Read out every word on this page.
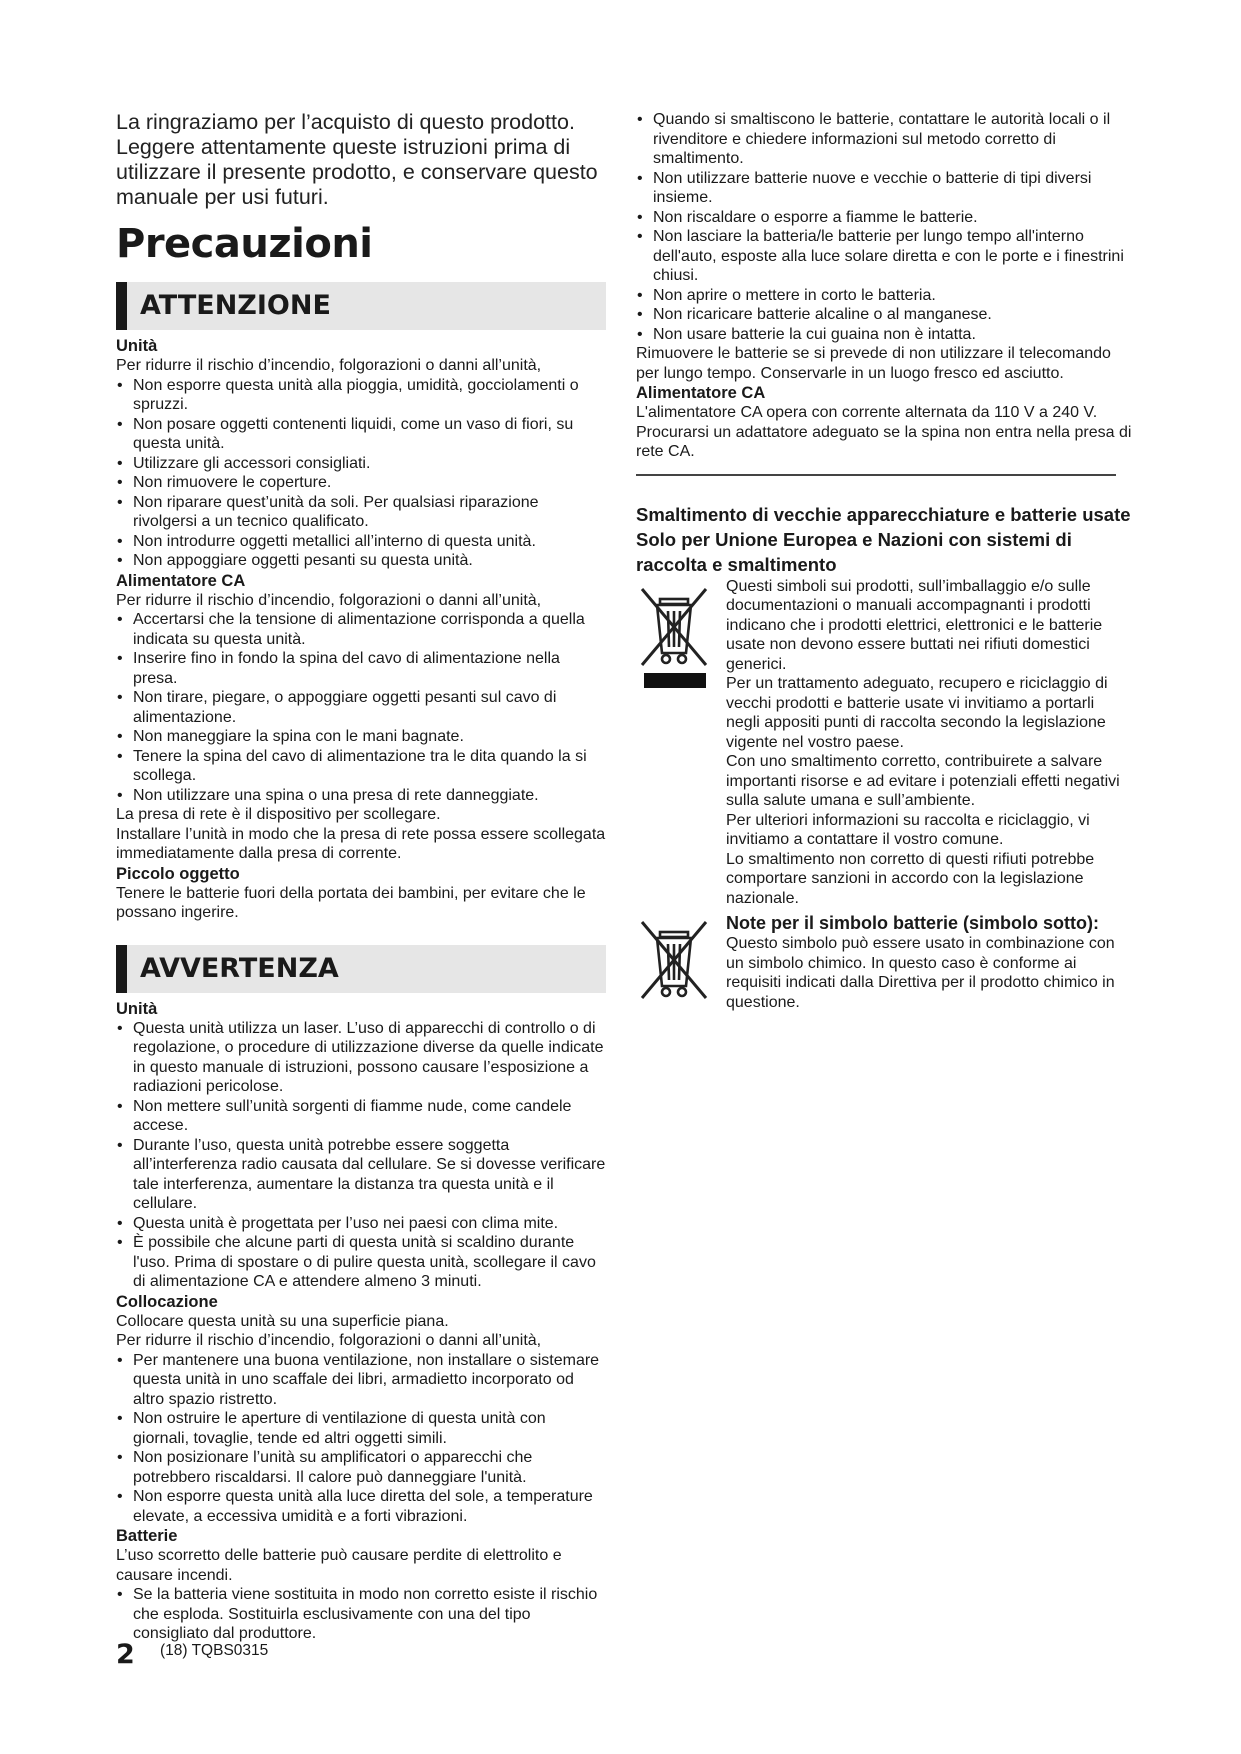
La ringraziamo per l’acquisto di questo prodotto. Leggere attentamente queste istruzioni prima di utilizzare il presente prodotto, e conservare questo manuale per usi futuri.

Precauzioni
ATTENZIONE

Unità

Per ridurre il rischio d’incendio, folgorazioni o danni all’unità,

• Non esporre questa unità alla pioggia, umidità, gocciolamenti o spruzzi.
• Non posare oggetti contenenti liquidi, come un vaso di fiori, su questa unità.
• Utilizzare gli accessori consigliati.
• Non rimuovere le coperture.
• Non riparare quest’unità da soli. Per qualsiasi riparazione rivolgersi a un tecnico qualificato.
• Non introdurre oggetti metallici all’interno di questa unità.
• Non appoggiare oggetti pesanti su questa unità.

Alimentatore CA

Per ridurre il rischio d’incendio, folgorazioni o danni all’unità,

• Accertarsi che la tensione di alimentazione corrisponda a quella indicata su questa unità.
• Inserire fino in fondo la spina del cavo di alimentazione nella presa.
• Non tirare, piegare, o appoggiare oggetti pesanti sul cavo di alimentazione.
• Non maneggiare la spina con le mani bagnate.
• Tenere la spina del cavo di alimentazione tra le dita quando la si scollega.
• Non utilizzare una spina o una presa di rete danneggiate.

La presa di rete è il dispositivo per scollegare.

Installare l’unità in modo che la presa di rete possa essere scollegata immediatamente dalla presa di corrente.

Piccolo oggetto

Tenere le batterie fuori della portata dei bambini, per evitare che le possano ingerire.

AVVERTENZA

Unità

• Questa unità utilizza un laser. L’uso di apparecchi di controllo o di regolazione, o procedure di utilizzazione diverse da quelle indicate in questo manuale di istruzioni, possono causare l’esposizione a radiazioni pericolose.
• Non mettere sull’unità sorgenti di fiamme nude, come candele accese.
• Durante l’uso, questa unità potrebbe essere soggetta all’interferenza radio causata dal cellulare. Se si dovesse verificare tale interferenza, aumentare la distanza tra questa unità e il cellulare.
• Questa unità è progettata per l’uso nei paesi con clima mite.
• È possibile che alcune parti di questa unità si scaldino durante l'uso. Prima di spostare o di pulire questa unità, scollegare il cavo di alimentazione CA e attendere almeno 3 minuti.

Collocazione

Collocare questa unità su una superficie piana.

Per ridurre il rischio d’incendio, folgorazioni o danni all’unità,

• Per mantenere una buona ventilazione, non installare o sistemare questa unità in uno scaffale dei libri, armadietto incorporato od altro spazio ristretto.
• Non ostruire le aperture di ventilazione di questa unità con giornali, tovaglie, tende ed altri oggetti simili.
• Non posizionare l’unità su amplificatori o apparecchi che potrebbero riscaldarsi. Il calore può danneggiare l'unità.
• Non esporre questa unità alla luce diretta del sole, a temperature elevate, a eccessiva umidità e a forti vibrazioni.

Batterie

L’uso scorretto delle batterie può causare perdite di elettrolito e causare incendi.

• Se la batteria viene sostituita in modo non corretto esiste il rischio che esploda. Sostituirla esclusivamente con una del tipo consigliato dal produttore.
• Quando si smaltiscono le batterie, contattare le autorità locali o il rivenditore e chiedere informazioni sul metodo corretto di smaltimento.
• Non utilizzare batterie nuove e vecchie o batterie di tipi diversi insieme.
• Non riscaldare o esporre a fiamme le batterie.
• Non lasciare la batteria/le batterie per lungo tempo all'interno dell'auto, esposte alla luce solare diretta e con le porte e i finestrini chiusi.
• Non aprire o mettere in corto le batteria.
• Non ricaricare batterie alcaline o al manganese.
• Non usare batterie la cui guaina non è intatta.

Rimuovere le batterie se si prevede di non utilizzare il telecomando per lungo tempo. Conservarle in un luogo fresco ed asciutto.

Alimentatore CA

L'alimentatore CA opera con corrente alternata da 110 V a 240 V. Procurarsi un adattatore adeguato se la spina non entra nella presa di rete CA.

Smaltimento di vecchie apparecchiature e batterie usate

Solo per Unione Europea e Nazioni con sistemi di raccolta e smaltimento

Questi simboli sui prodotti, sull’imballaggio e/o sulle documentazioni o manuali accompagnanti i prodotti indicano che i prodotti elettrici, elettronici e le batterie usate non devono essere buttati nei rifiuti domestici generici.

Per un trattamento adeguato, recupero e riciclaggio di vecchi prodotti e batterie usate vi invitiamo a portarli negli appositi punti di raccolta secondo la legislazione vigente nel vostro paese.

Con uno smaltimento corretto, contribuirete a salvare importanti risorse e ad evitare i potenziali effetti negativi sulla salute umana e sull’ambiente.

Per ulteriori informazioni su raccolta e riciclaggio, vi invitiamo a contattare il vostro comune.

Lo smaltimento non corretto di questi rifiuti potrebbe comportare sanzioni in accordo con la legislazione nazionale.

Note per il simbolo batterie (simbolo sotto):

Questo simbolo può essere usato in combinazione con un simbolo chimico. In questo caso è conforme ai requisiti indicati dalla Direttiva per il prodotto chimico in questione.

2 (18) TQBS0315
